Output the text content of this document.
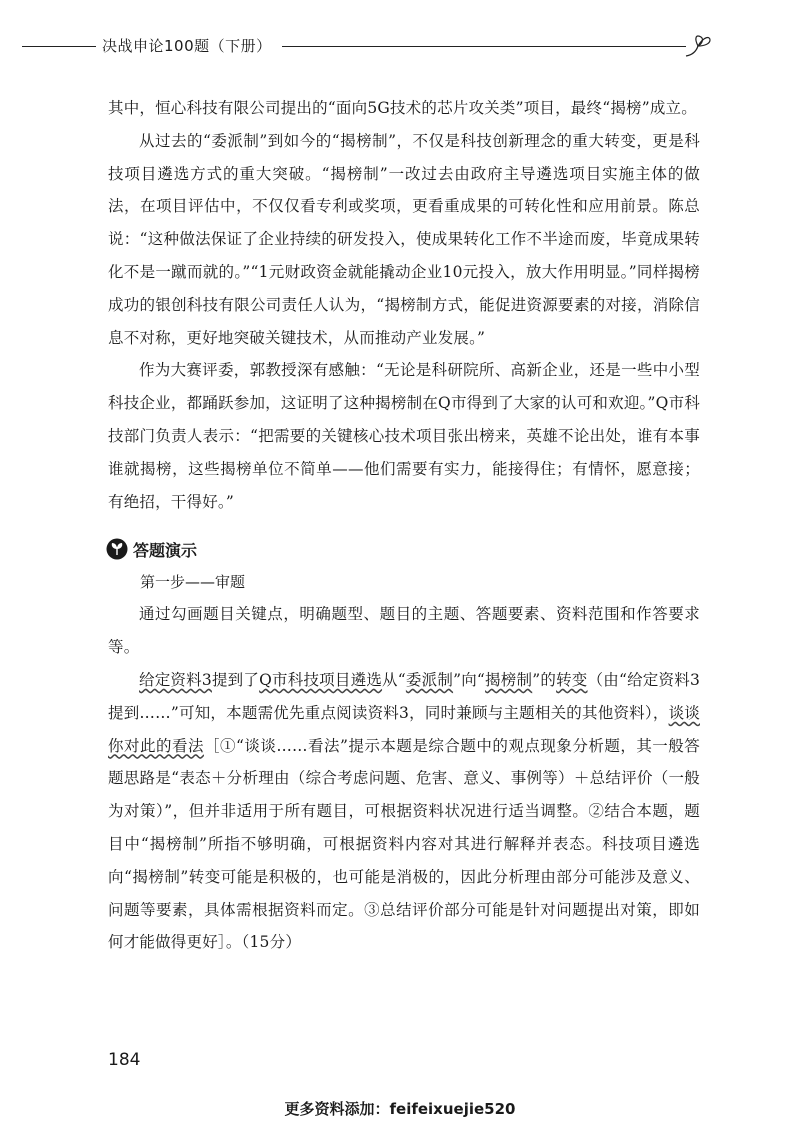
决战申论100题（下册）

其中，恒心科技有限公司提出的“面向5G技术的芯片攻关类”项目，最终“揭榜”成立。

从过去的“委派制”到如今的“揭榜制”，不仅是科技创新理念的重大转变，更是科技项目遴选方式的重大突破。“揭榜制”一改过去由政府主导遴选项目实施主体的做法，在项目评估中，不仅仅看专利或奖项，更看重成果的可转化性和应用前景。陈总说：“这种做法保证了企业持续的研发投入，使成果转化工作不半途而废，毕竟成果转化不是一蹴而就的。”“1元财政资金就能撬动企业10元投入，放大作用明显。”同样揭榜成功的银创科技有限公司责任人认为，“揭榜制方式，能促进资源要素的对接，消除信息不对称，更好地突破关键技术，从而推动产业发展。”

作为大赛评委，郭教授深有感触：“无论是科研院所、高新企业，还是一些中小型科技企业，都踊跃参加，这证明了这种揭榜制在Q市得到了大家的认可和欢迎。”Q市科技部门负责人表示：“把需要的关键核心技术项目张出榜来，英雄不论出处，谁有本事谁就揭榜，这些揭榜单位不简单——他们需要有实力，能接得住；有情怀，愿意接；有绝招，干得好。”

答题演示

第一步——审题

通过勾画题目关键点，明确题型、题目的主题、答题要素、资料范围和作答要求等。

给定资料3提到了Q市科技项目遴选从“委派制”向“揭榜制”的转变（由“给定资料3提到……”可知，本题需优先重点阅读资料3，同时兼顾与主题相关的其他资料），谈谈你对此的看法［①“谈谈……看法”提示本题是综合题中的观点现象分析题，其一般答题思路是“表态＋分析理由（综合考虑问题、危害、意义、事例等）＋总结评价（一般为对策）”，但并非适用于所有题目，可根据资料状况进行适当调整。②结合本题，题目中“揭榜制”所指不够明确，可根据资料内容对其进行解释并表态。科技项目遴选向“揭榜制”转变可能是积极的，也可能是消极的，因此分析理由部分可能涉及意义、问题等要素，具体需根据资料而定。③总结评价部分可能是针对问题提出对策，即如何才能做得更好］。（15分）

184
更多资料添加：feifeixuejie520
